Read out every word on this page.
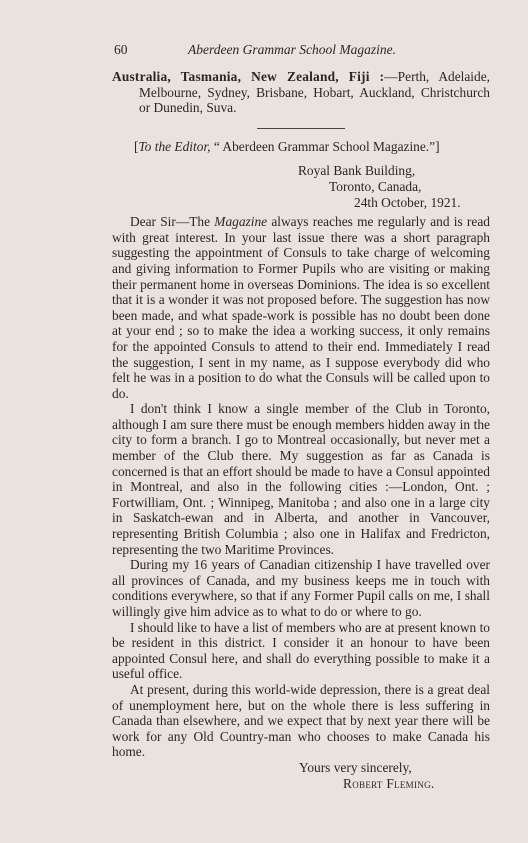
60	Aberdeen Grammar School Magazine.
Australia, Tasmania, New Zealand, Fiji :—Perth, Adelaide, Melbourne, Sydney, Brisbane, Hobart, Auckland, Christchurch or Dunedin, Suva.
[To the Editor, “ Aberdeen Grammar School Magazine.”]
Royal Bank Building,
Toronto, Canada,
24th October, 1921.

Dear Sir—The Magazine always reaches me regularly and is read with great interest. In your last issue there was a short paragraph suggesting the appointment of Consuls to take charge of welcoming and giving information to Former Pupils who are visiting or making their permanent home in overseas Dominions. The idea is so excellent that it is a wonder it was not proposed before. The suggestion has now been made, and what spade-work is possible has no doubt been done at your end ; so to make the idea a working success, it only remains for the appointed Consuls to attend to their end. Immediately I read the suggestion, I sent in my name, as I suppose everybody did who felt he was in a position to do what the Consuls will be called upon to do.

I don't think I know a single member of the Club in Toronto, although I am sure there must be enough members hidden away in the city to form a branch. I go to Montreal occasionally, but never met a member of the Club there. My suggestion as far as Canada is concerned is that an effort should be made to have a Consul appointed in Montreal, and also in the following cities :—London, Ont. ; Fortwilliam, Ont. ; Winnipeg, Manitoba ; and also one in a large city in Saskatch-ewan and in Alberta, and another in Vancouver, representing British Columbia ; also one in Halifax and Fredricton, representing the two Maritime Provinces.

During my 16 years of Canadian citizenship I have travelled over all provinces of Canada, and my business keeps me in touch with conditions everywhere, so that if any Former Pupil calls on me, I shall willingly give him advice as to what to do or where to go.

I should like to have a list of members who are at present known to be resident in this district. I consider it an honour to have been appointed Consul here, and shall do everything possible to make it a useful office.

At present, during this world-wide depression, there is a great deal of unemployment here, but on the whole there is less suffering in Canada than elsewhere, and we expect that by next year there will be work for any Old Country-man who chooses to make Canada his home.

Yours very sincerely,
Robert Fleming.
